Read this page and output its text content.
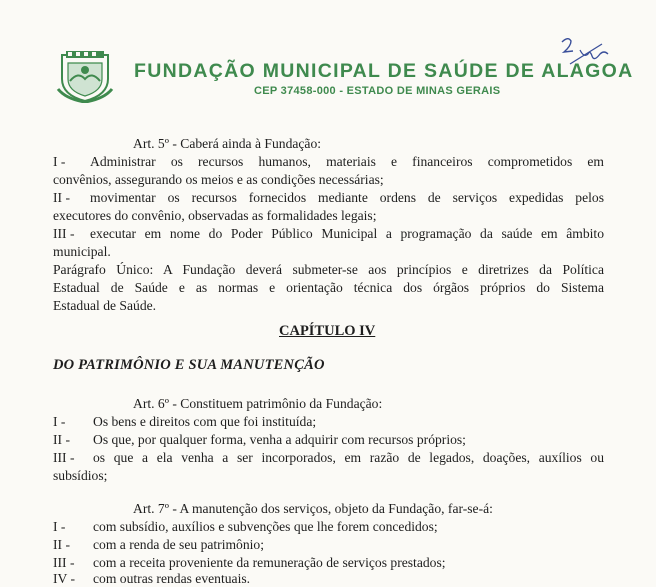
FUNDAÇÃO MUNICIPAL DE SAÚDE DE ALAGOA
CEP 37458-000 - ESTADO DE MINAS GERAIS
Art. 5º - Caberá ainda à Fundação:
I - Administrar os recursos humanos, materiais e financeiros comprometidos em
convênios, assegurando os meios e as condições necessárias;
II - movimentar os recursos fornecidos mediante ordens de serviços expedidas pelos
executores do convênio, observadas as formalidades legais;
III - executar em nome do Poder Público Municipal a programação da saúde em âmbito
municipal.
Parágrafo Único: A Fundação deverá submeter-se aos princípios e diretrizes da Política
Estadual de Saúde e as normas e orientação técnica dos órgãos próprios do Sistema
Estadual de Saúde.
CAPÍTULO IV
DO PATRIMÔNIO E SUA MANUTENÇÃO
Art. 6º - Constituem patrimônio da Fundação:
I - Os bens e direitos com que foi instituída;
II - Os que, por qualquer forma, venha a adquirir com recursos próprios;
III - os que a ela venha a ser incorporados, em razão de legados, doações, auxílios ou
subsídios;
Art. 7º - A manutenção dos serviços, objeto da Fundação, far-se-á:
I - com subsídio, auxílios e subvenções que lhe forem concedidos;
II - com a renda de seu patrimônio;
III - com a receita proveniente da remuneração de serviços prestados;
IV - com outras rendas eventuais.
